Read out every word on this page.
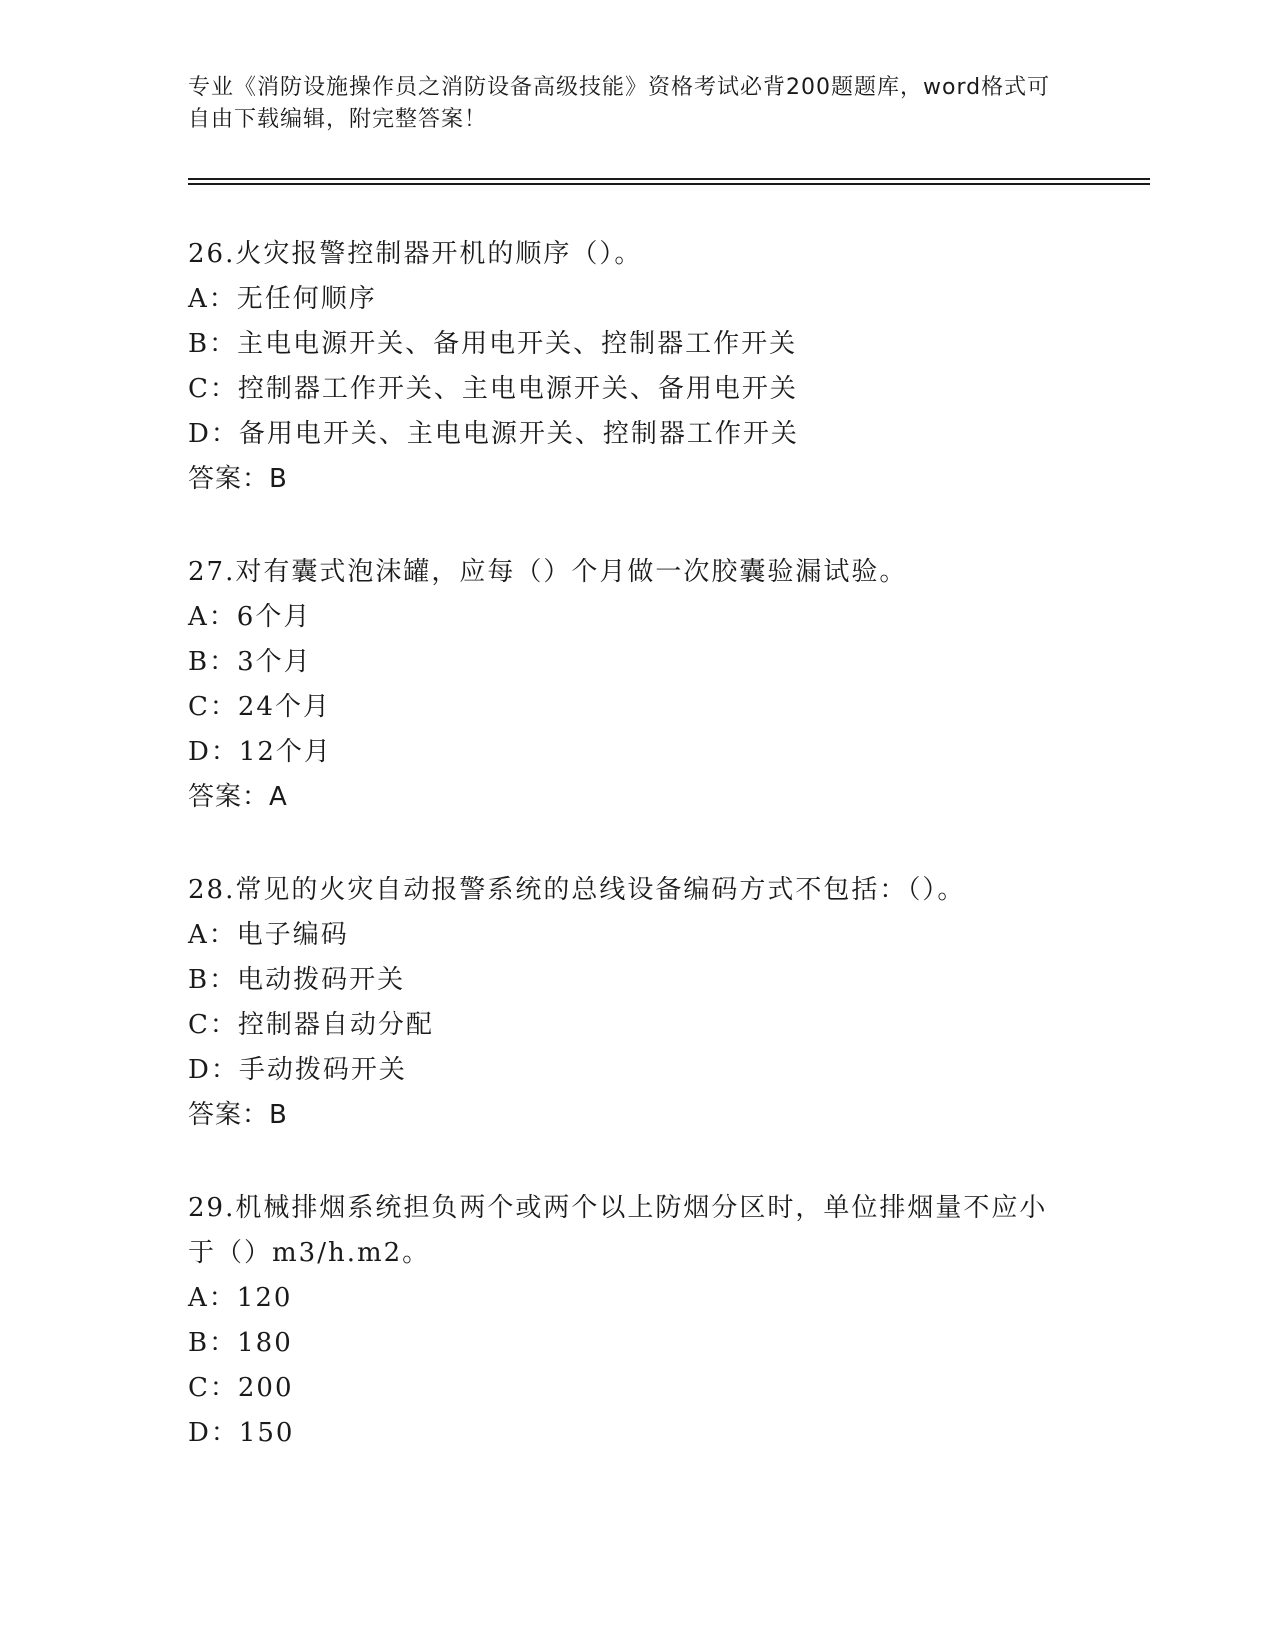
专业《消防设施操作员之消防设备高级技能》资格考试必背200题题库，word格式可自由下载编辑，附完整答案！
26.火灾报警控制器开机的顺序（）。
A：无任何顺序
B：主电电源开关、备用电开关、控制器工作开关
C：控制器工作开关、主电电源开关、备用电开关
D：备用电开关、主电电源开关、控制器工作开关
答案：B
27.对有囊式泡沫罐，应每（）个月做一次胶囊验漏试验。
A：6个月
B：3个月
C：24个月
D：12个月
答案：A
28.常见的火灾自动报警系统的总线设备编码方式不包括：（）。
A：电子编码
B：电动拨码开关
C：控制器自动分配
D：手动拨码开关
答案：B
29.机械排烟系统担负两个或两个以上防烟分区时，单位排烟量不应小于（）m3/h.m2。
A：120
B：180
C：200
D：150
